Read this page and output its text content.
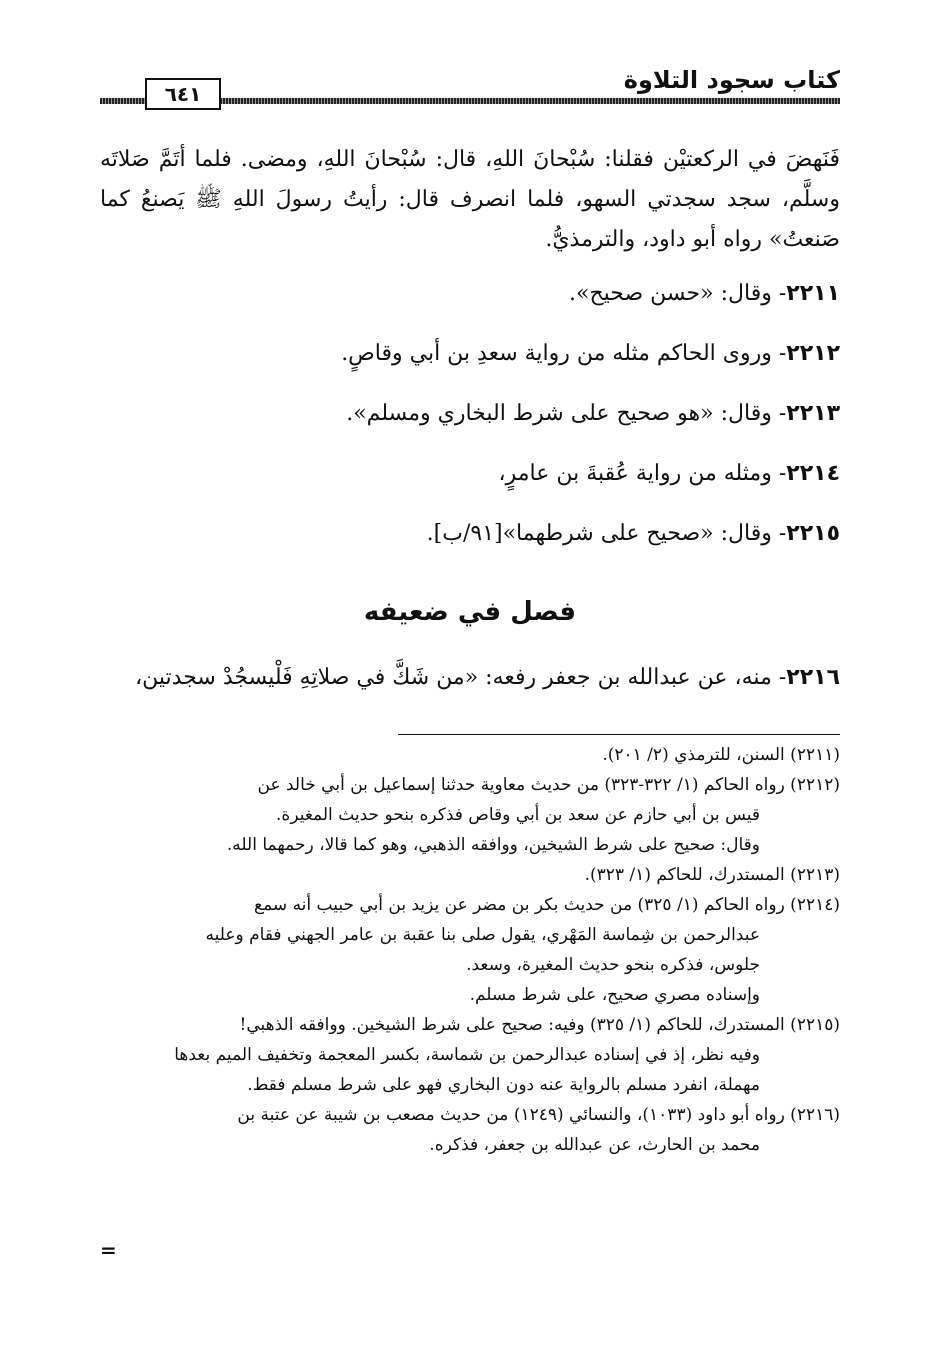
كتاب سجود التلاوة
٦٤١

فَنَهضَ في الركعتيْن فقلنا: سُبْحانَ اللهِ، قال: سُبْحانَ اللهِ، ومضى. فلما أتَمَّ صَلاتَه وسلَّم، سجد سجدتي السهو، فلما انصرف قال: رأيتُ رسولَ اللهِ ﷺ يَصنعُ كما صَنعتُ» رواه أبو داود، والترمذيُّ.

٢٢١١- وقال: «حسن صحيح».

٢٢١٢- وروى الحاكم مثله من رواية سعدِ بن أبي وقاصٍ.

٢٢١٣- وقال: «هو صحيح على شرط البخاري ومسلم».

٢٢١٤- ومثله من رواية عُقبةَ بن عامرٍ،

٢٢١٥- وقال: «صحيح على شرطهما»[٩١/ب].

فصل في ضعيفه

٢٢١٦- منه، عن عبدالله بن جعفر رفعه: «من شَكَّ في صلاتِهِ فَلْيسجُدْ سجدتين،

(٢٢١١) السنن، للترمذي (٢/ ٢٠١).

(٢٢١٢) رواه الحاكم (١/ ٣٢٢-٣٢٣) من حديث معاوية حدثنا إسماعيل بن أبي خالد عن

قيس بن أبي حازم عن سعد بن أبي وقاص فذكره بنحو حديث المغيرة.

وقال: صحيح على شرط الشيخين، ووافقه الذهبي، وهو كما قالا، رحمهما الله.

(٢٢١٣) المستدرك، للحاكم (١/ ٣٢٣).

(٢٢١٤) رواه الحاكم (١/ ٣٢٥) من حديث بكر بن مضر عن يزيد بن أبي حبيب أنه سمع

عبدالرحمن بن شِماسة المَهْري، يقول صلى بنا عقبة بن عامر الجهني فقام وعليه

جلوس، فذكره بنحو حديث المغيرة، وسعد.

وإسناده مصري صحيح، على شرط مسلم.

(٢٢١٥) المستدرك، للحاكم (١/ ٣٢٥) وفيه: صحيح على شرط الشيخين. ووافقه الذهبي!

وفيه نظر، إذ في إسناده عبدالرحمن بن شماسة، بكسر المعجمة وتخفيف الميم بعدها

مهملة، انفرد مسلم بالرواية عنه دون البخاري فهو على شرط مسلم فقط.

(٢٢١٦) رواه أبو داود (١٠٣٣)، والنسائي (١٢٤٩) من حديث مصعب بن شيبة عن عتبة بن

محمد بن الحارث، عن عبدالله بن جعفر، فذكره.

=
